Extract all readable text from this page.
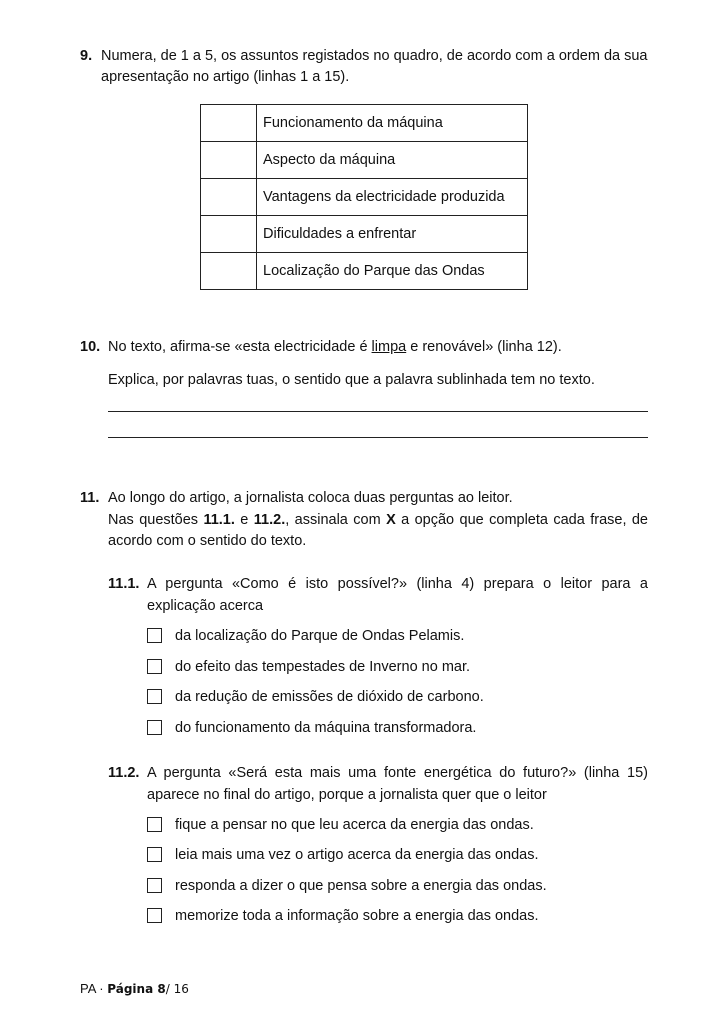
9. Numera, de 1 a 5, os assuntos registados no quadro, de acordo com a ordem da sua
apresentação no artigo (linhas 1 a 15).
	Funcionamento da máquina
	Aspecto da máquina
	Vantagens da electricidade produzida
	Dificuldades a enfrentar
	Localização do Parque das Ondas
10. No texto, afirma-se «esta electricidade é limpa e renovável» (linha 12).
Explica, por palavras tuas, o sentido que a palavra sublinhada tem no texto.
11. Ao longo do artigo, a jornalista coloca duas perguntas ao leitor.
Nas questões 11.1. e 11.2., assinala com X a opção que completa cada frase, de
acordo com o sentido do texto.
11.1. A pergunta «Como é isto possível?» (linha 4) prepara o leitor para a
explicação acerca
da localização do Parque de Ondas Pelamis.
do efeito das tempestades de Inverno no mar.
da redução de emissões de dióxido de carbono.
do funcionamento da máquina transformadora.
11.2. A pergunta «Será esta mais uma fonte energética do futuro?» (linha 15)
aparece no final do artigo, porque a jornalista quer que o leitor
fique a pensar no que leu acerca da energia das ondas.
leia mais uma vez o artigo acerca da energia das ondas.
responda a dizer o que pensa sobre a energia das ondas.
memorize toda a informação sobre a energia das ondas.
PA · Página 8/ 16
